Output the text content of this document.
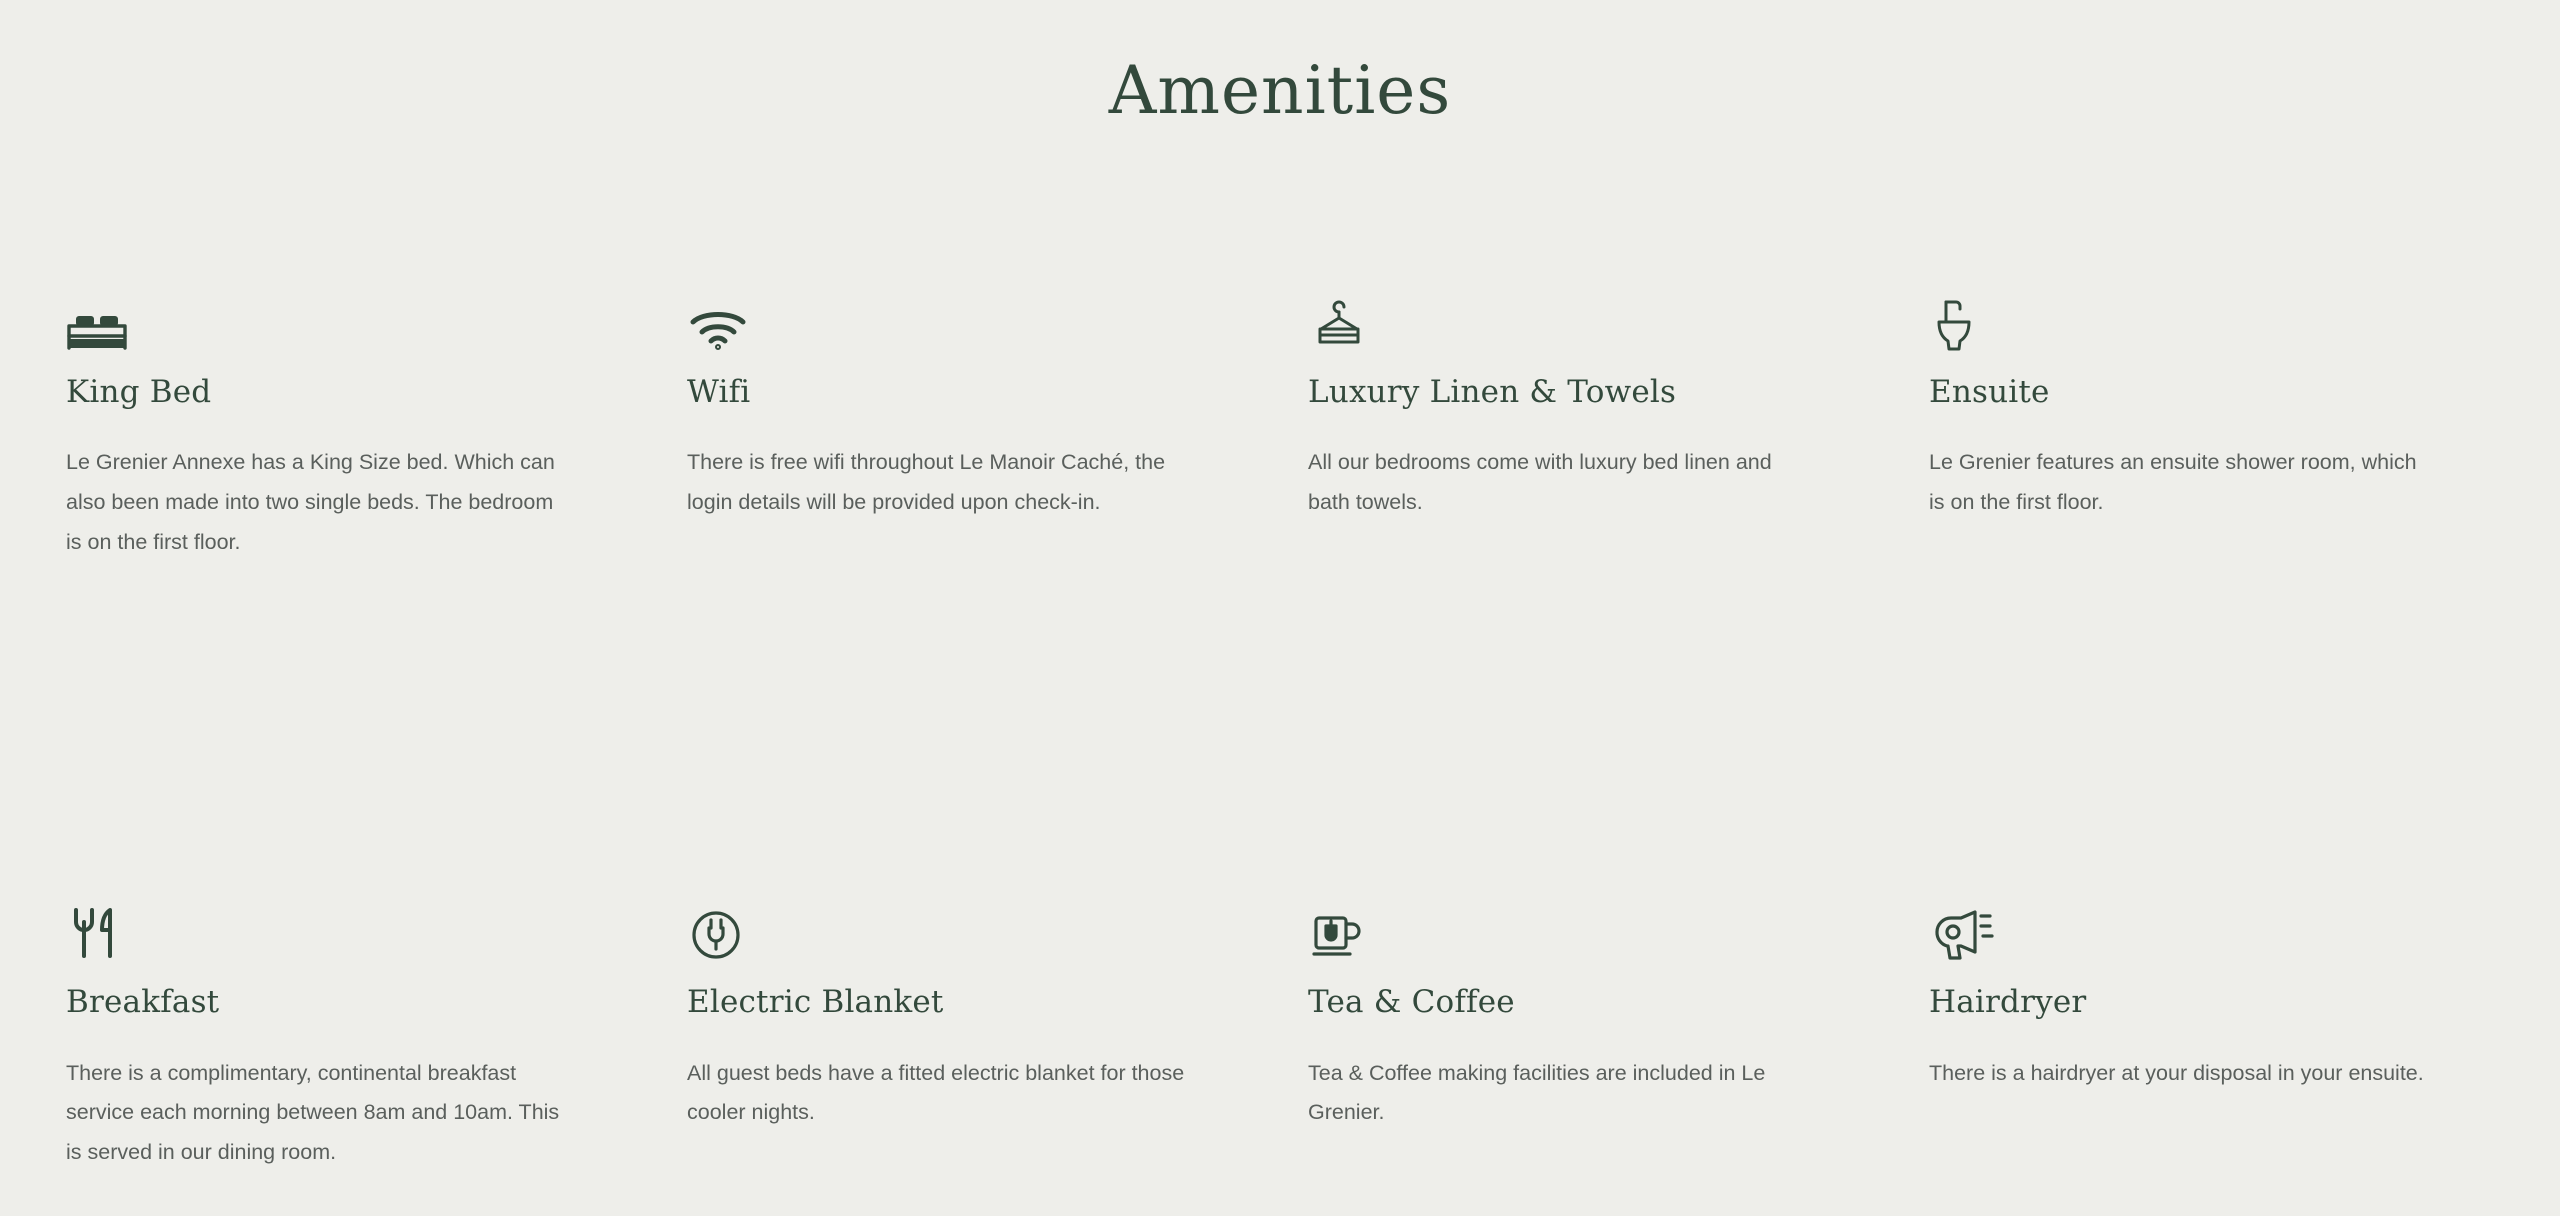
Amenities
King Bed

Le Grenier Annexe has a King Size bed. Which can also been made into two single beds. The bedroom is on the first floor.

Wifi

There is free wifi throughout Le Manoir Caché, the login details will be provided upon check-in.

Luxury Linen & Towels

All our bedrooms come with luxury bed linen and bath towels.

Ensuite

Le Grenier features an ensuite shower room, which is on the first floor.

Breakfast

There is a complimentary, continental breakfast service each morning between 8am and 10am. This is served in our dining room.

Electric Blanket

All guest beds have a fitted electric blanket for those cooler nights.

Tea & Coffee

Tea & Coffee making facilities are included in Le Grenier.

Hairdryer

There is a hairdryer at your disposal in your ensuite.
